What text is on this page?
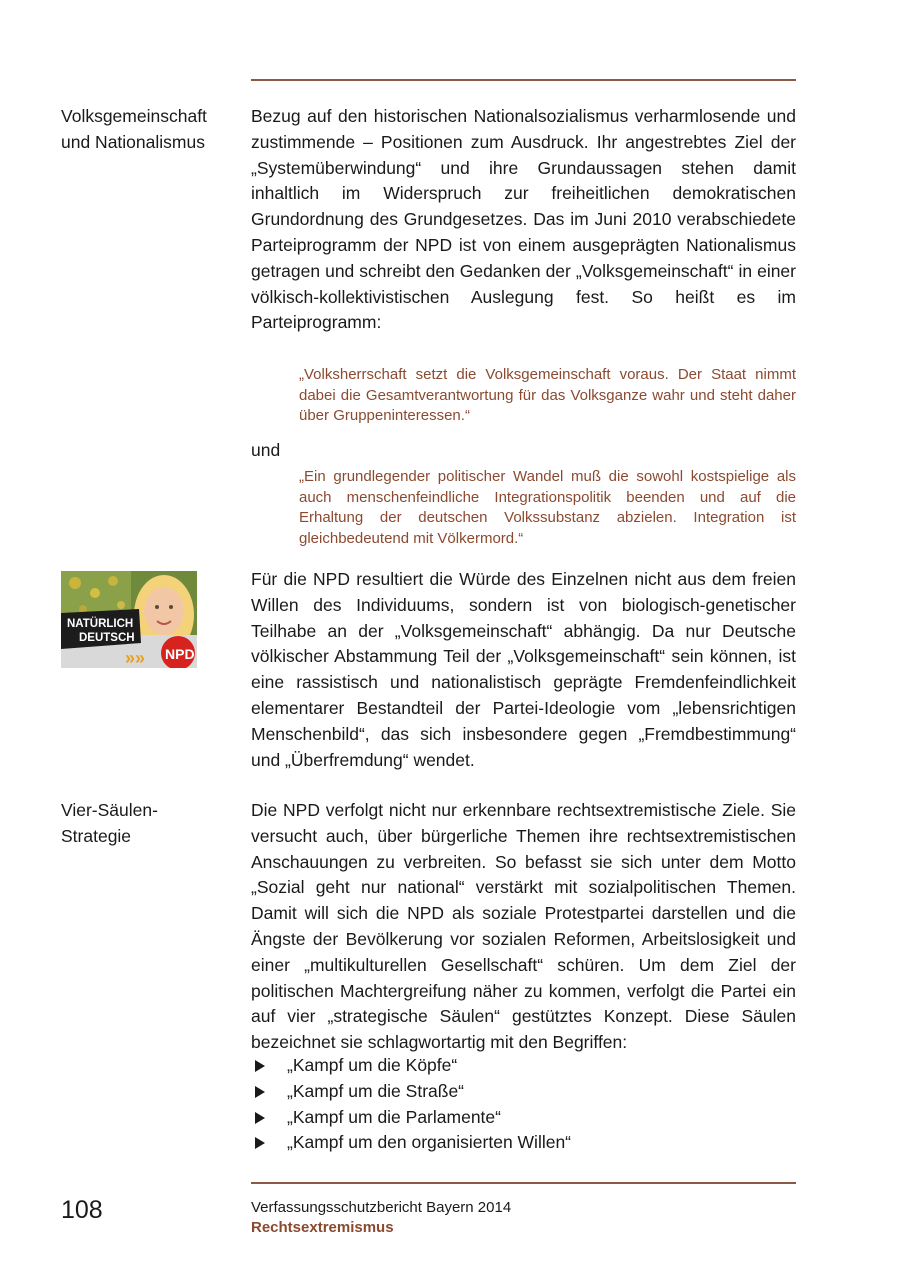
Volksgemeinschaft
und Nationalismus

Bezug auf den historischen Nationalsozialismus verharmlosende und zustimmende – Positionen zum Ausdruck. Ihr angestrebtes Ziel der „Systemüberwindung“ und ihre Grundaussagen stehen damit inhaltlich im Widerspruch zur freiheitlichen demokratischen Grundordnung des Grundgesetzes. Das im Juni 2010 verabschiedete Parteiprogramm der NPD ist von einem ausgeprägten Nationalismus getragen und schreibt den Gedanken der „Volksgemeinschaft“ in einer völkisch-kollektivistischen Auslegung fest. So heißt es im Parteiprogramm:

„Volksherrschaft setzt die Volksgemeinschaft voraus. Der Staat nimmt dabei die Gesamtverantwortung für das Volksganze wahr und steht daher über Gruppeninteressen.“

und

„Ein grundlegender politischer Wandel muß die sowohl kostspielige als auch menschenfeindliche Integrationspolitik beenden und auf die Erhaltung der deutschen Volkssubstanz abzielen. Integration ist gleichbedeutend mit Völkermord.“

NATÜRLICH
DEUTSCH
»» NPD

Für die NPD resultiert die Würde des Einzelnen nicht aus dem freien Willen des Individuums, sondern ist von biologisch-genetischer Teilhabe an der „Volksgemeinschaft“ abhängig. Da nur Deutsche völkischer Abstammung Teil der „Volksgemeinschaft“ sein können, ist eine rassistisch und nationalistisch geprägte Fremdenfeindlichkeit elementarer Bestandteil der Partei-Ideologie vom „lebensrichtigen Menschenbild“, das sich insbesondere gegen „Fremdbestimmung“ und „Überfremdung“ wendet.

Vier-Säulen-
Strategie

Die NPD verfolgt nicht nur erkennbare rechtsextremistische Ziele. Sie versucht auch, über bürgerliche Themen ihre rechtsextremistischen Anschauungen zu verbreiten. So befasst sie sich unter dem Motto „Sozial geht nur national“ verstärkt mit sozialpolitischen Themen. Damit will sich die NPD als soziale Protestpartei darstellen und die Ängste der Bevölkerung vor sozialen Reformen, Arbeitslosigkeit und einer „multikulturellen Gesellschaft“ schüren. Um dem Ziel der politischen Machtergreifung näher zu kommen, verfolgt die Partei ein auf vier „strategische Säulen“ gestütztes Konzept. Diese Säulen bezeichnet sie schlagwortartig mit den Begriffen:

„Kampf um die Köpfe“
„Kampf um die Straße“
„Kampf um die Parlamente“
„Kampf um den organisierten Willen“
108	Verfassungsschutzbericht Bayern 2014
Rechtsextremismus
